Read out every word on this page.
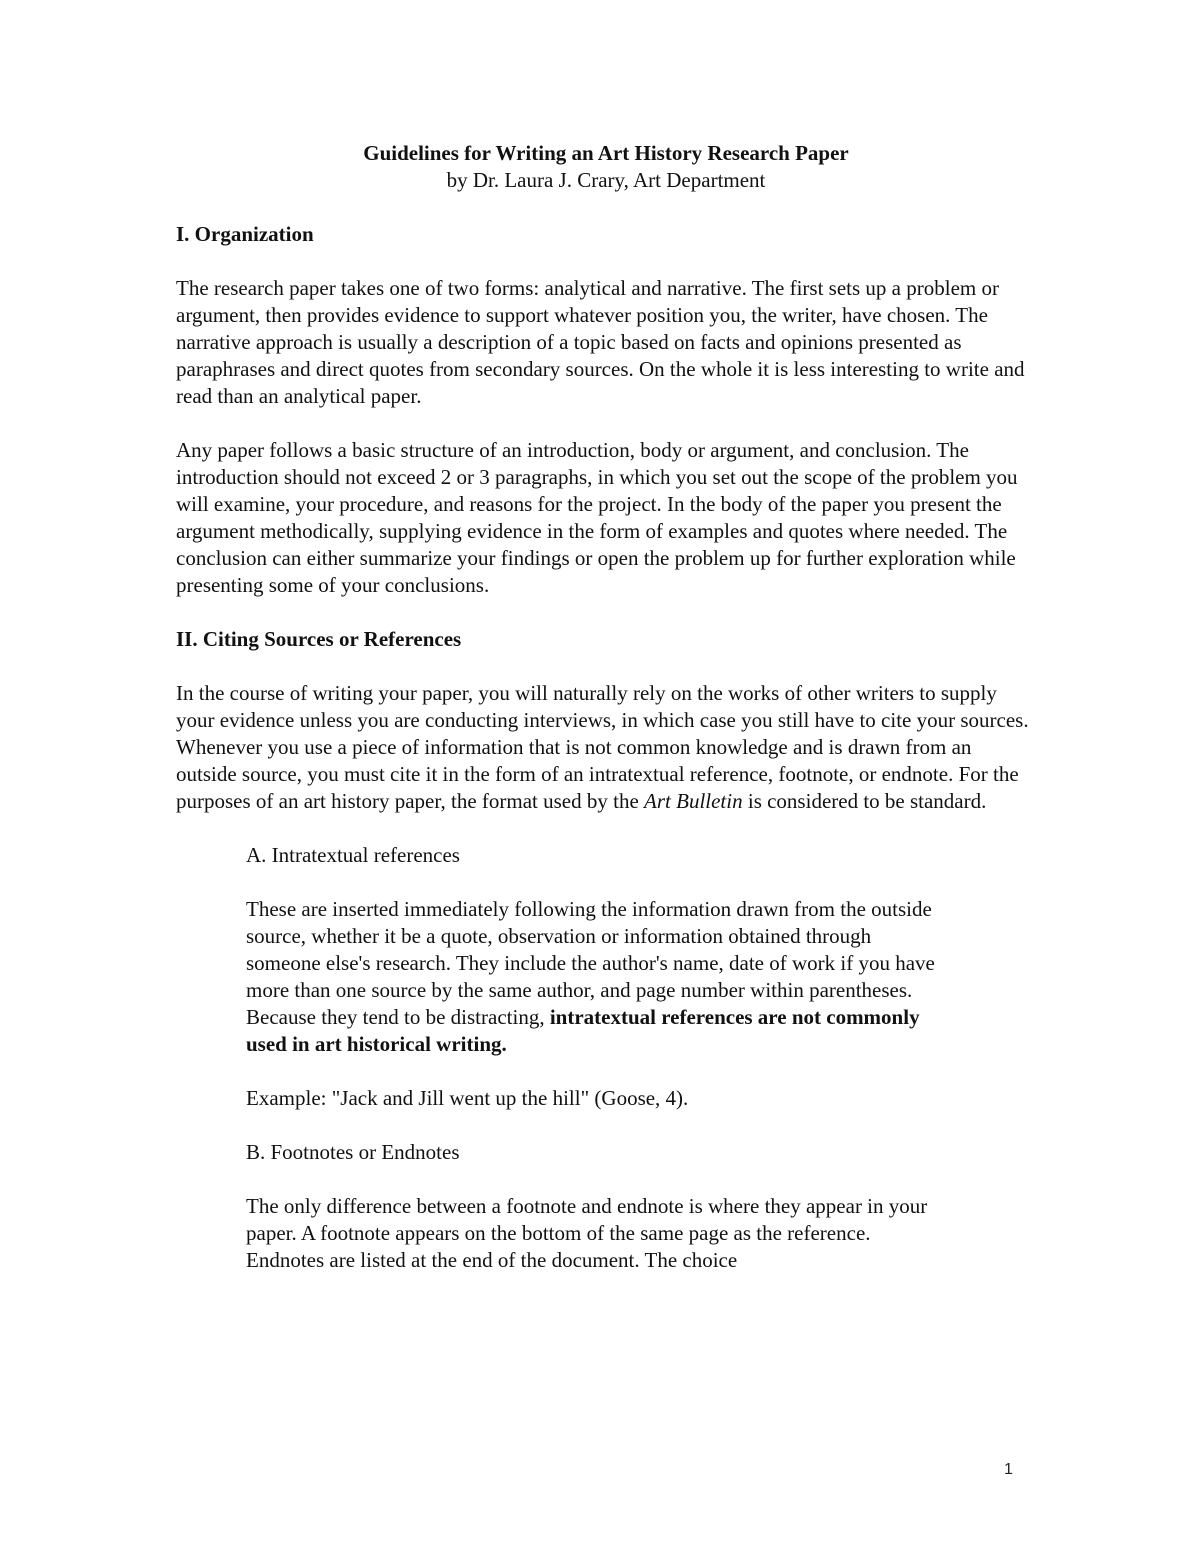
Guidelines for Writing an Art History Research Paper
by Dr. Laura J. Crary, Art Department
I. Organization

The research paper takes one of two forms: analytical and narrative. The first sets up a problem or argument, then provides evidence to support whatever position you, the writer, have chosen. The narrative approach is usually a description of a topic based on facts and opinions presented as paraphrases and direct quotes from secondary sources. On the whole it is less interesting to write and read than an analytical paper.

Any paper follows a basic structure of an introduction, body or argument, and conclusion. The introduction should not exceed 2 or 3 paragraphs, in which you set out the scope of the problem you will examine, your procedure, and reasons for the project. In the body of the paper you present the argument methodically, supplying evidence in the form of examples and quotes where needed. The conclusion can either summarize your findings or open the problem up for further exploration while presenting some of your conclusions.

II. Citing Sources or References

In the course of writing your paper, you will naturally rely on the works of other writers to supply your evidence unless you are conducting interviews, in which case you still have to cite your sources. Whenever you use a piece of information that is not common knowledge and is drawn from an outside source, you must cite it in the form of an intratextual reference, footnote, or endnote. For the purposes of an art history paper, the format used by the Art Bulletin is considered to be standard.

A. Intratextual references

These are inserted immediately following the information drawn from the outside source, whether it be a quote, observation or information obtained through someone else's research. They include the author's name, date of work if you have more than one source by the same author, and page number within parentheses. Because they tend to be distracting, intratextual references are not commonly used in art historical writing.

Example: "Jack and Jill went up the hill" (Goose, 4).

B. Footnotes or Endnotes

The only difference between a footnote and endnote is where they appear in your paper. A footnote appears on the bottom of the same page as the reference. Endnotes are listed at the end of the document. The choice

1
